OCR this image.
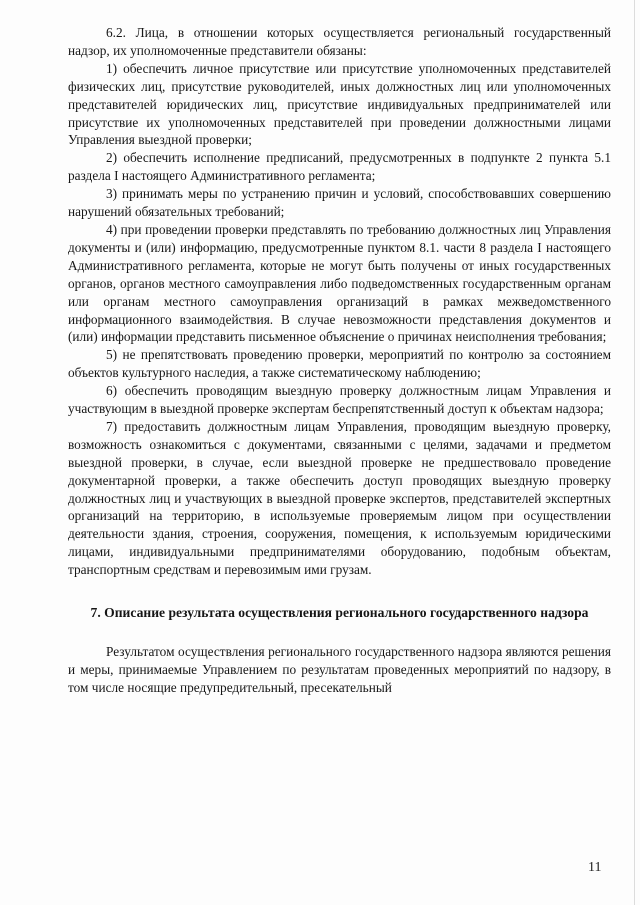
6.2. Лица, в отношении которых осуществляется региональный государственный надзор, их уполномоченные представители обязаны:

1) обеспечить личное присутствие или присутствие уполномоченных представителей физических лиц, присутствие руководителей, иных должностных лиц или уполномоченных представителей юридических лиц, присутствие индивидуальных предпринимателей или присутствие их уполномоченных представителей при проведении должностными лицами Управления выездной проверки;

2) обеспечить исполнение предписаний, предусмотренных в подпункте 2 пункта 5.1 раздела I настоящего Административного регламента;

3) принимать меры по устранению причин и условий, способствовавших совершению нарушений обязательных требований;

4) при проведении проверки представлять по требованию должностных лиц Управления документы и (или) информацию, предусмотренные пунктом 8.1. части 8 раздела I настоящего Административного регламента, которые не могут быть получены от иных государственных органов, органов местного самоуправления либо подведомственных государственным органам или органам местного самоуправления организаций в рамках межведомственного информационного взаимодействия. В случае невозможности представления документов и (или) информации представить письменное объяснение о причинах неисполнения требования;

5) не препятствовать проведению проверки, мероприятий по контролю за состоянием объектов культурного наследия, а также систематическому наблюдению;

6) обеспечить проводящим выездную проверку должностным лицам Управления и участвующим в выездной проверке экспертам беспрепятственный доступ к объектам надзора;

7) предоставить должностным лицам Управления, проводящим выездную проверку, возможность ознакомиться с документами, связанными с целями, задачами и предметом выездной проверки, в случае, если выездной проверке не предшествовало проведение документарной проверки, а также обеспечить доступ проводящих выездную проверку должностных лиц и участвующих в выездной проверке экспертов, представителей экспертных организаций на территорию, в используемые проверяемым лицом при осуществлении деятельности здания, строения, сооружения, помещения, к используемым юридическими лицами, индивидуальными предпринимателями оборудованию, подобным объектам, транспортным средствам и перевозимым ими грузам.

7. Описание результата осуществления регионального государственного надзора

Результатом осуществления регионального государственного надзора являются решения и меры, принимаемые Управлением по результатам проведенных мероприятий по надзору, в том числе носящие предупредительный, пресекательный

11
